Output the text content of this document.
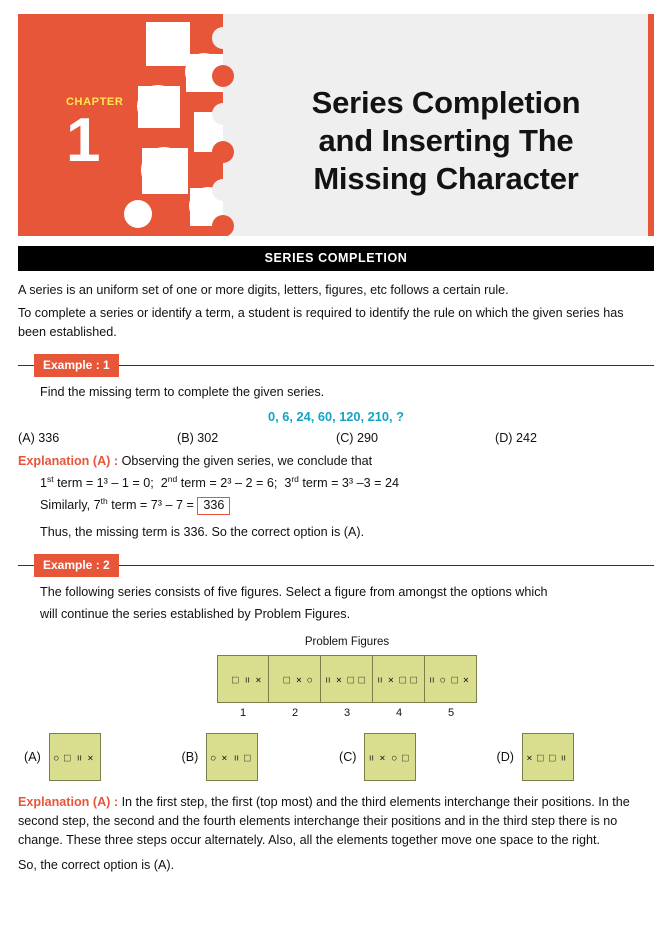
CHAPTER
1
Series Completion
and Inserting The
Missing Character
SERIES COMPLETION

A series is an uniform set of one or more digits, letters, figures, etc follows a certain rule.

To complete a series or identify a term, a student is required to identify the rule on which the given series has been established.

Example : 1

Find the missing term to complete the given series.

0, 6, 24, 60, 120, 210, ?
(A) 336	(B) 302	(C) 290	(D) 242
Explanation (A) : Observing the given series, we conclude that
1st term = 1³ – 1 = 0;  2nd term = 2³ – 2 = 6;  3rd term = 3³ –3 = 24
Similarly, 7th term = 7³ – 7 = 336
Thus, the missing term is 336. So the correct option is (A).
Example : 2

The following series consists of five figures. Select a figure from amongst the options which

will continue the series established by Problem Figures.

Problem Figures
×
=
□	○
×
□	□
□
×
=	□
□
×
=	×
□
○
=
1	2	3	4	5
(A)	×
=
□
○	(B)	□
=
×
○	(C)	□
○
×
=	(D)	=
□
□
×
Explanation (A) : In the first step, the first (top most) and the third elements interchange their positions. In the second step, the second and the fourth elements interchange their positions and in the third step there is no change. These three steps occur alternately. Also, all the elements together move one space to the right.
So, the correct option is (A).
